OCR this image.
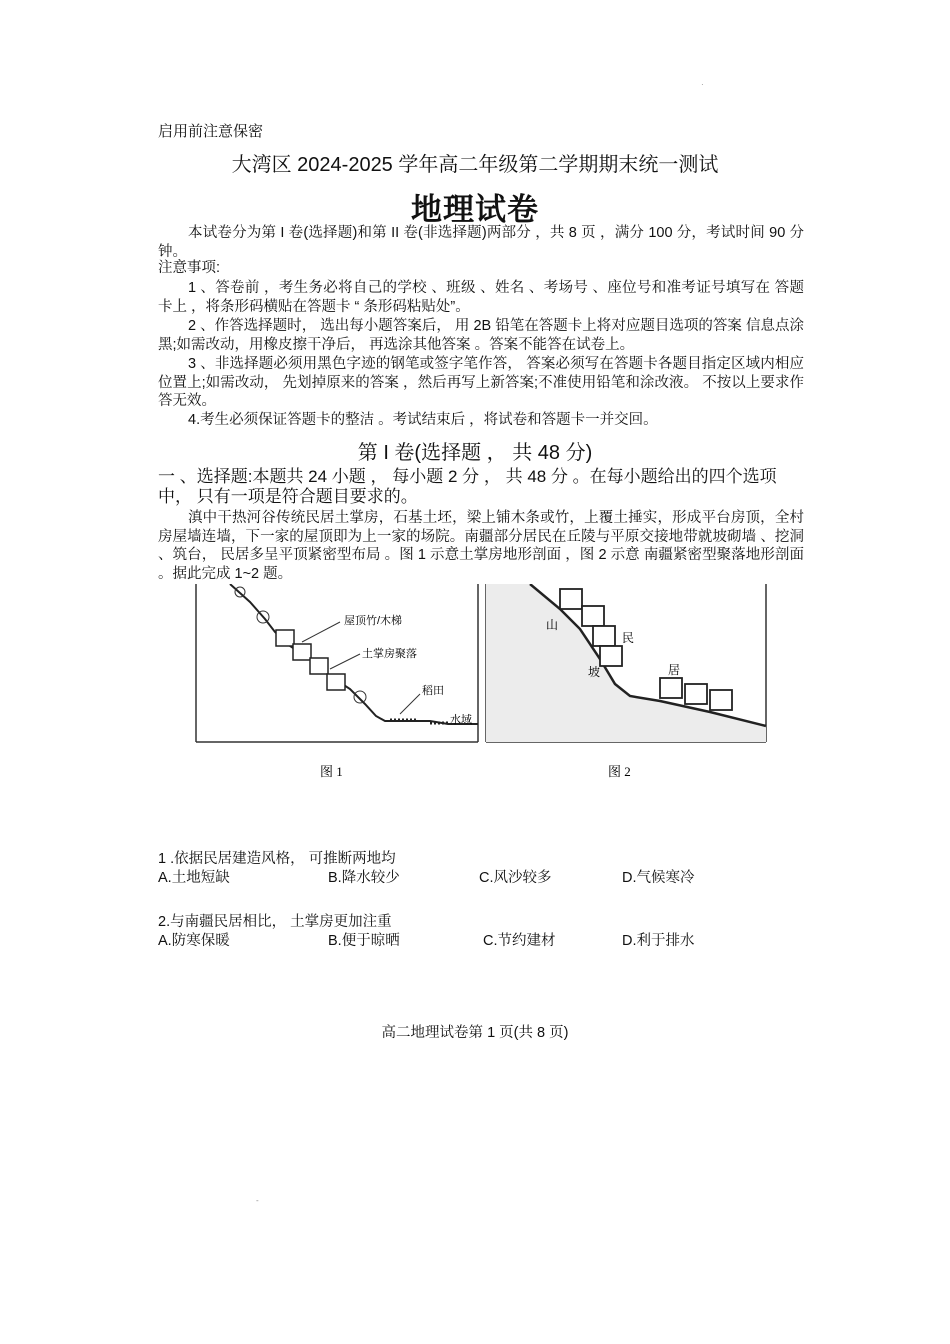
·
启用前注意保密
大湾区 2024-2025 学年高二年级第二学期期末统一测试
地理试卷
本试卷分为第 I 卷(选择题)和第 II 卷(非选择题)两部分 ，共 8 页 ，满分 100 分，考试时间 90 分钟。
注意事项:
1 、答卷前 ，考生务必将自己的学校 、班级 、姓名 、考场号 、座位号和准考证号填写在 答题卡上 ，将条形码横贴在答题卡 “ 条形码粘贴处”。
2 、作答选择题时， 选出每小题答案后， 用 2B 铅笔在答题卡上将对应题目选项的答案 信息点涂黑;如需改动，用橡皮擦干净后， 再选涂其他答案 。答案不能答在试卷上。
3 、非选择题必须用黑色字迹的钢笔或签字笔作答， 答案必须写在答题卡各题目指定区域内相应位置上;如需改动， 先划掉原来的答案 ，然后再写上新答案;不准使用铅笔和涂改液。 不按以上要求作答无效。
4.考生必须保证答题卡的整洁 。考试结束后 ，将试卷和答题卡一并交回。
第 I 卷(选择题 ， 共 48 分)
一 、选择题:本题共 24 小题 ， 每小题 2 分 ， 共 48 分 。在每小题给出的四个选项 中， 只有一项是符合题目要求的。
滇中干热河谷传统民居土掌房，石基土坯，梁上铺木条或竹，上覆土捶实，形成平台房顶，全村房屋墙连墙，下一家的屋顶即为上一家的场院。南疆部分居民在丘陵与平原交接地带就坡砌墙 、挖洞 、筑台， 民居多呈平顶紧密型布局 。图 1 示意土掌房地形剖面 ，图 2 示意 南疆紧密型聚落地形剖面 。据此完成 1~2 题。
屋顶竹/木梯
土掌房聚落
稻田
水域
图 1
山
坡
民
居
图 2
1 .依据民居建造风格， 可推断两地均
A.土地短缺	B.降水较少	C.风沙较多	D.气候寒冷
2.与南疆民居相比， 土掌房更加注重
A.防寒保暖	B.便于晾晒	C.节约建材	D.利于排水
高二地理试卷第 1 页(共 8 页)
-
